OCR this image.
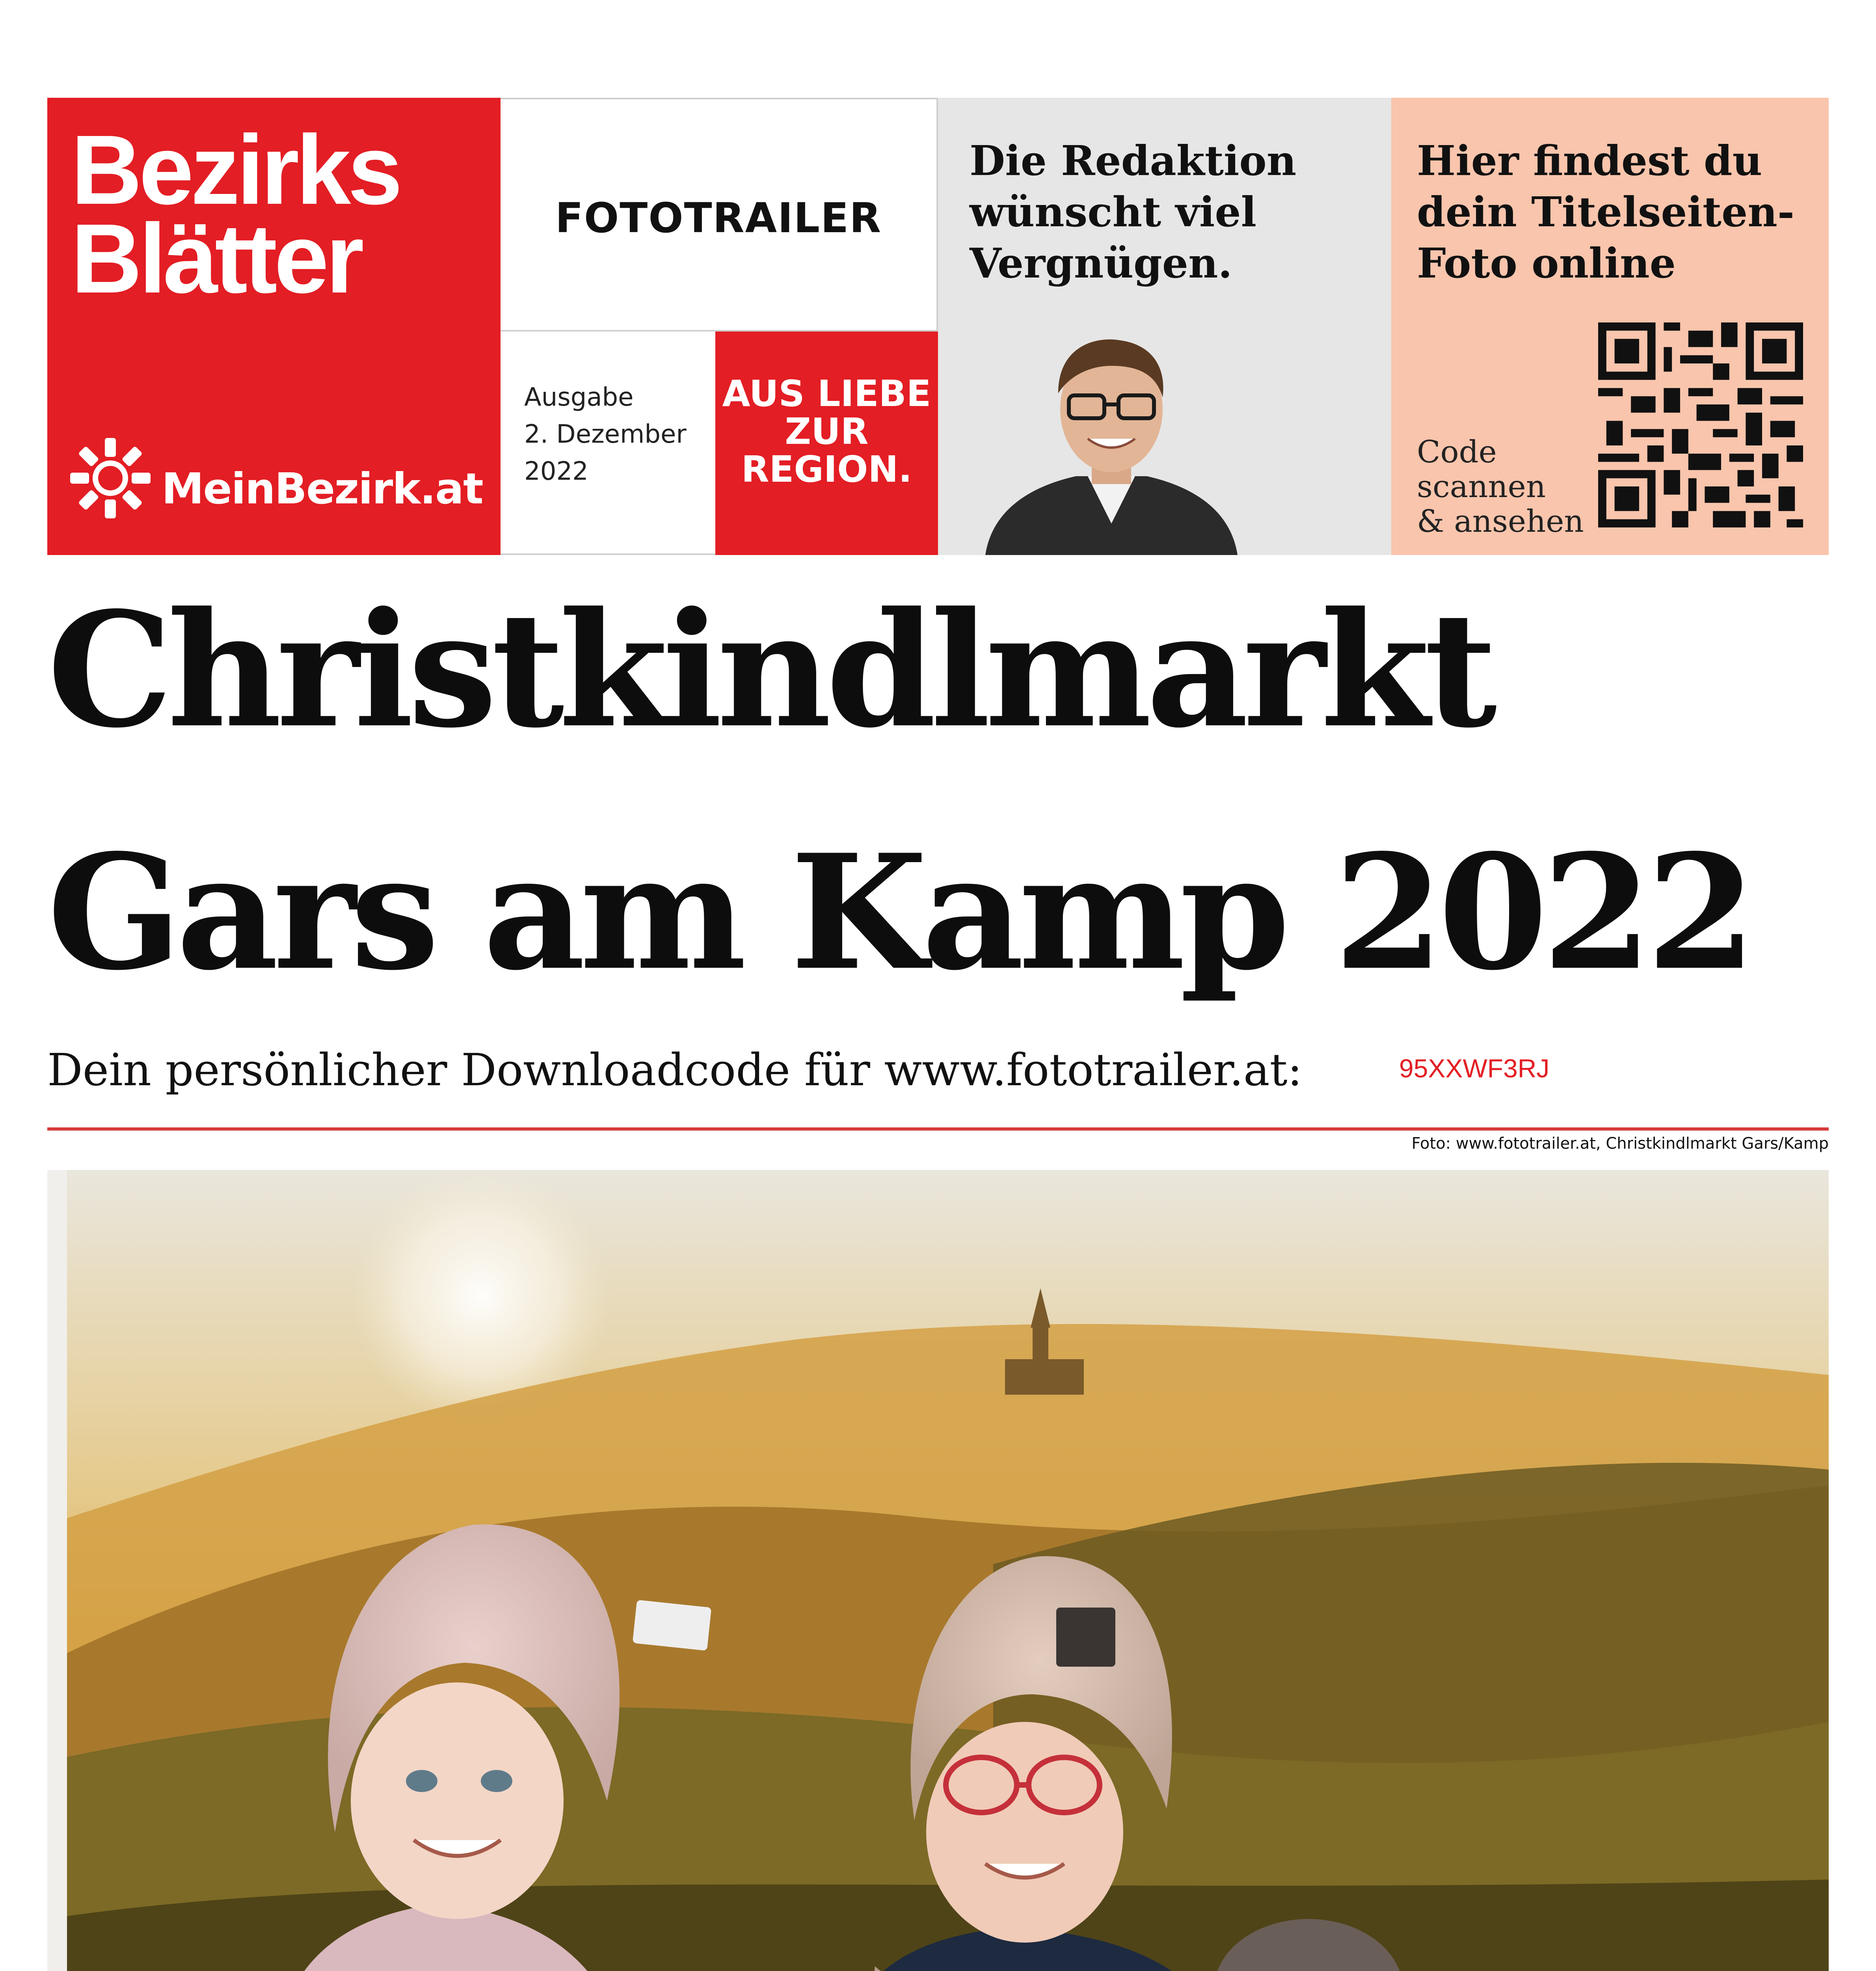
Bezirks
Blätter
MeinBezirk.at
FOTOTRAILER
Ausgabe
2. Dezember
2022
AUS LIEBE
ZUR
REGION.
Die Redaktion
wünscht viel
Vergnügen.
Hier findest du
dein Titelseiten-
Foto online
Code
scannen
& ansehen
Christkindlmarkt
Gars am Kamp 2022
Dein persönlicher Downloadcode für www.fototrailer.at:	95XXWF3RJ
Foto: www.fototrailer.at, Christkindlmarkt Gars/Kamp
